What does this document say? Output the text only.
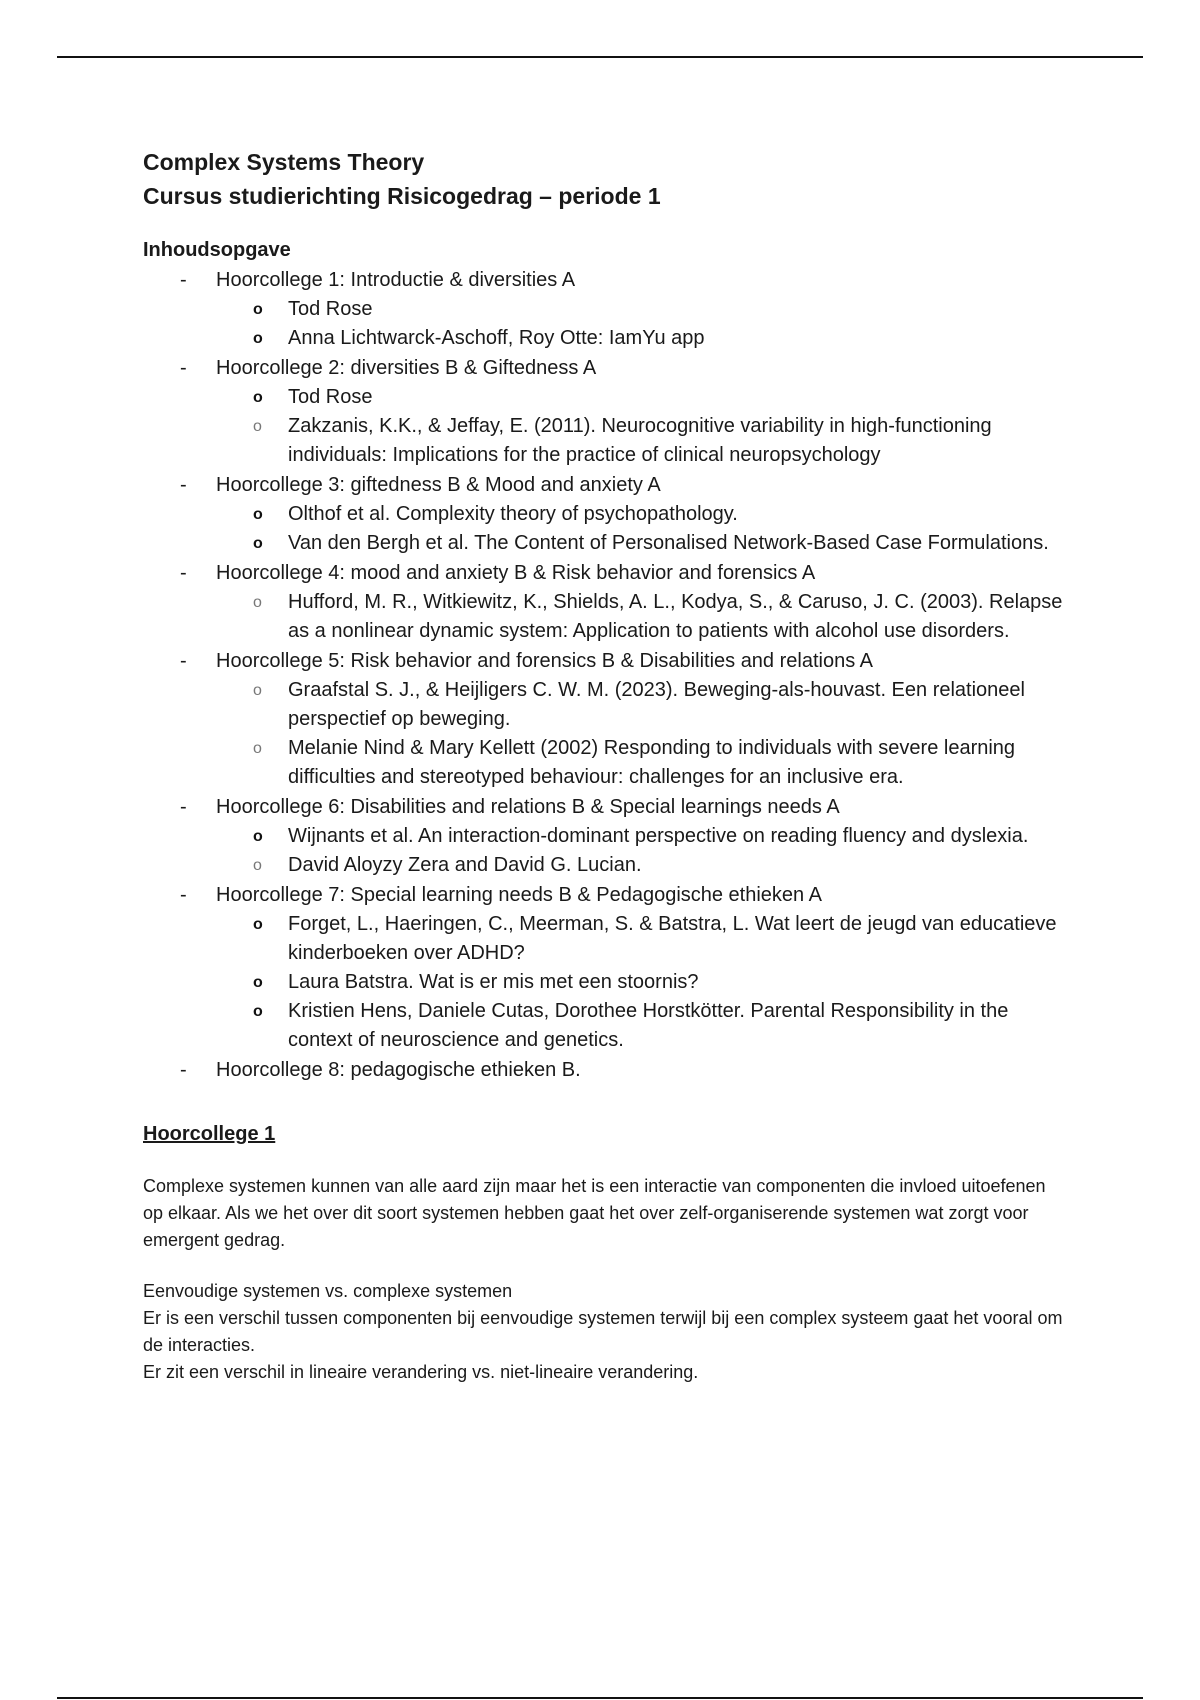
Complex Systems Theory
Cursus studierichting Risicogedrag – periode 1
Inhoudsopgave
- Hoorcollege 1: Introductie & diversities A
o Tod Rose
o Anna Lichtwarck-Aschoff, Roy Otte: IamYu app
- Hoorcollege 2: diversities B & Giftedness A
o Tod Rose
o Zakzanis, K.K., & Jeffay, E. (2011). Neurocognitive variability in high-functioning individuals: Implications for the practice of clinical neuropsychology
- Hoorcollege 3: giftedness B & Mood and anxiety A
o Olthof et al. Complexity theory of psychopathology.
o Van den Bergh et al. The Content of Personalised Network-Based Case Formulations.
- Hoorcollege 4: mood and anxiety B & Risk behavior and forensics A
o Hufford, M. R., Witkiewitz, K., Shields, A. L., Kodya, S., & Caruso, J. C. (2003). Relapse as a nonlinear dynamic system: Application to patients with alcohol use disorders.
- Hoorcollege 5: Risk behavior and forensics B & Disabilities and relations A
o Graafstal S. J., & Heijligers C. W. M. (2023). Beweging-als-houvast. Een relationeel perspectief op beweging.
o Melanie Nind & Mary Kellett (2002) Responding to individuals with severe learning difficulties and stereotyped behaviour: challenges for an inclusive era.
- Hoorcollege 6: Disabilities and relations B & Special learnings needs A
o Wijnants et al. An interaction-dominant perspective on reading fluency and dyslexia.
o David Aloyzy Zera and David G. Lucian.
- Hoorcollege 7: Special learning needs B & Pedagogische ethieken A
o Forget, L., Haeringen, C., Meerman, S. & Batstra, L. Wat leert de jeugd van educatieve kinderboeken over ADHD?
o Laura Batstra. Wat is er mis met een stoornis?
o Kristien Hens, Daniele Cutas, Dorothee Horstkötter. Parental Responsibility in the context of neuroscience and genetics.
- Hoorcollege 8: pedagogische ethieken B.
Hoorcollege 1

Complexe systemen kunnen van alle aard zijn maar het is een interactie van componenten die invloed uitoefenen op elkaar. Als we het over dit soort systemen hebben gaat het over zelf-organiserende systemen wat zorgt voor emergent gedrag.

Eenvoudige systemen vs. complexe systemen
Er is een verschil tussen componenten bij eenvoudige systemen terwijl bij een complex systeem gaat het vooral om de interacties.
Er zit een verschil in lineaire verandering vs. niet-lineaire verandering.
